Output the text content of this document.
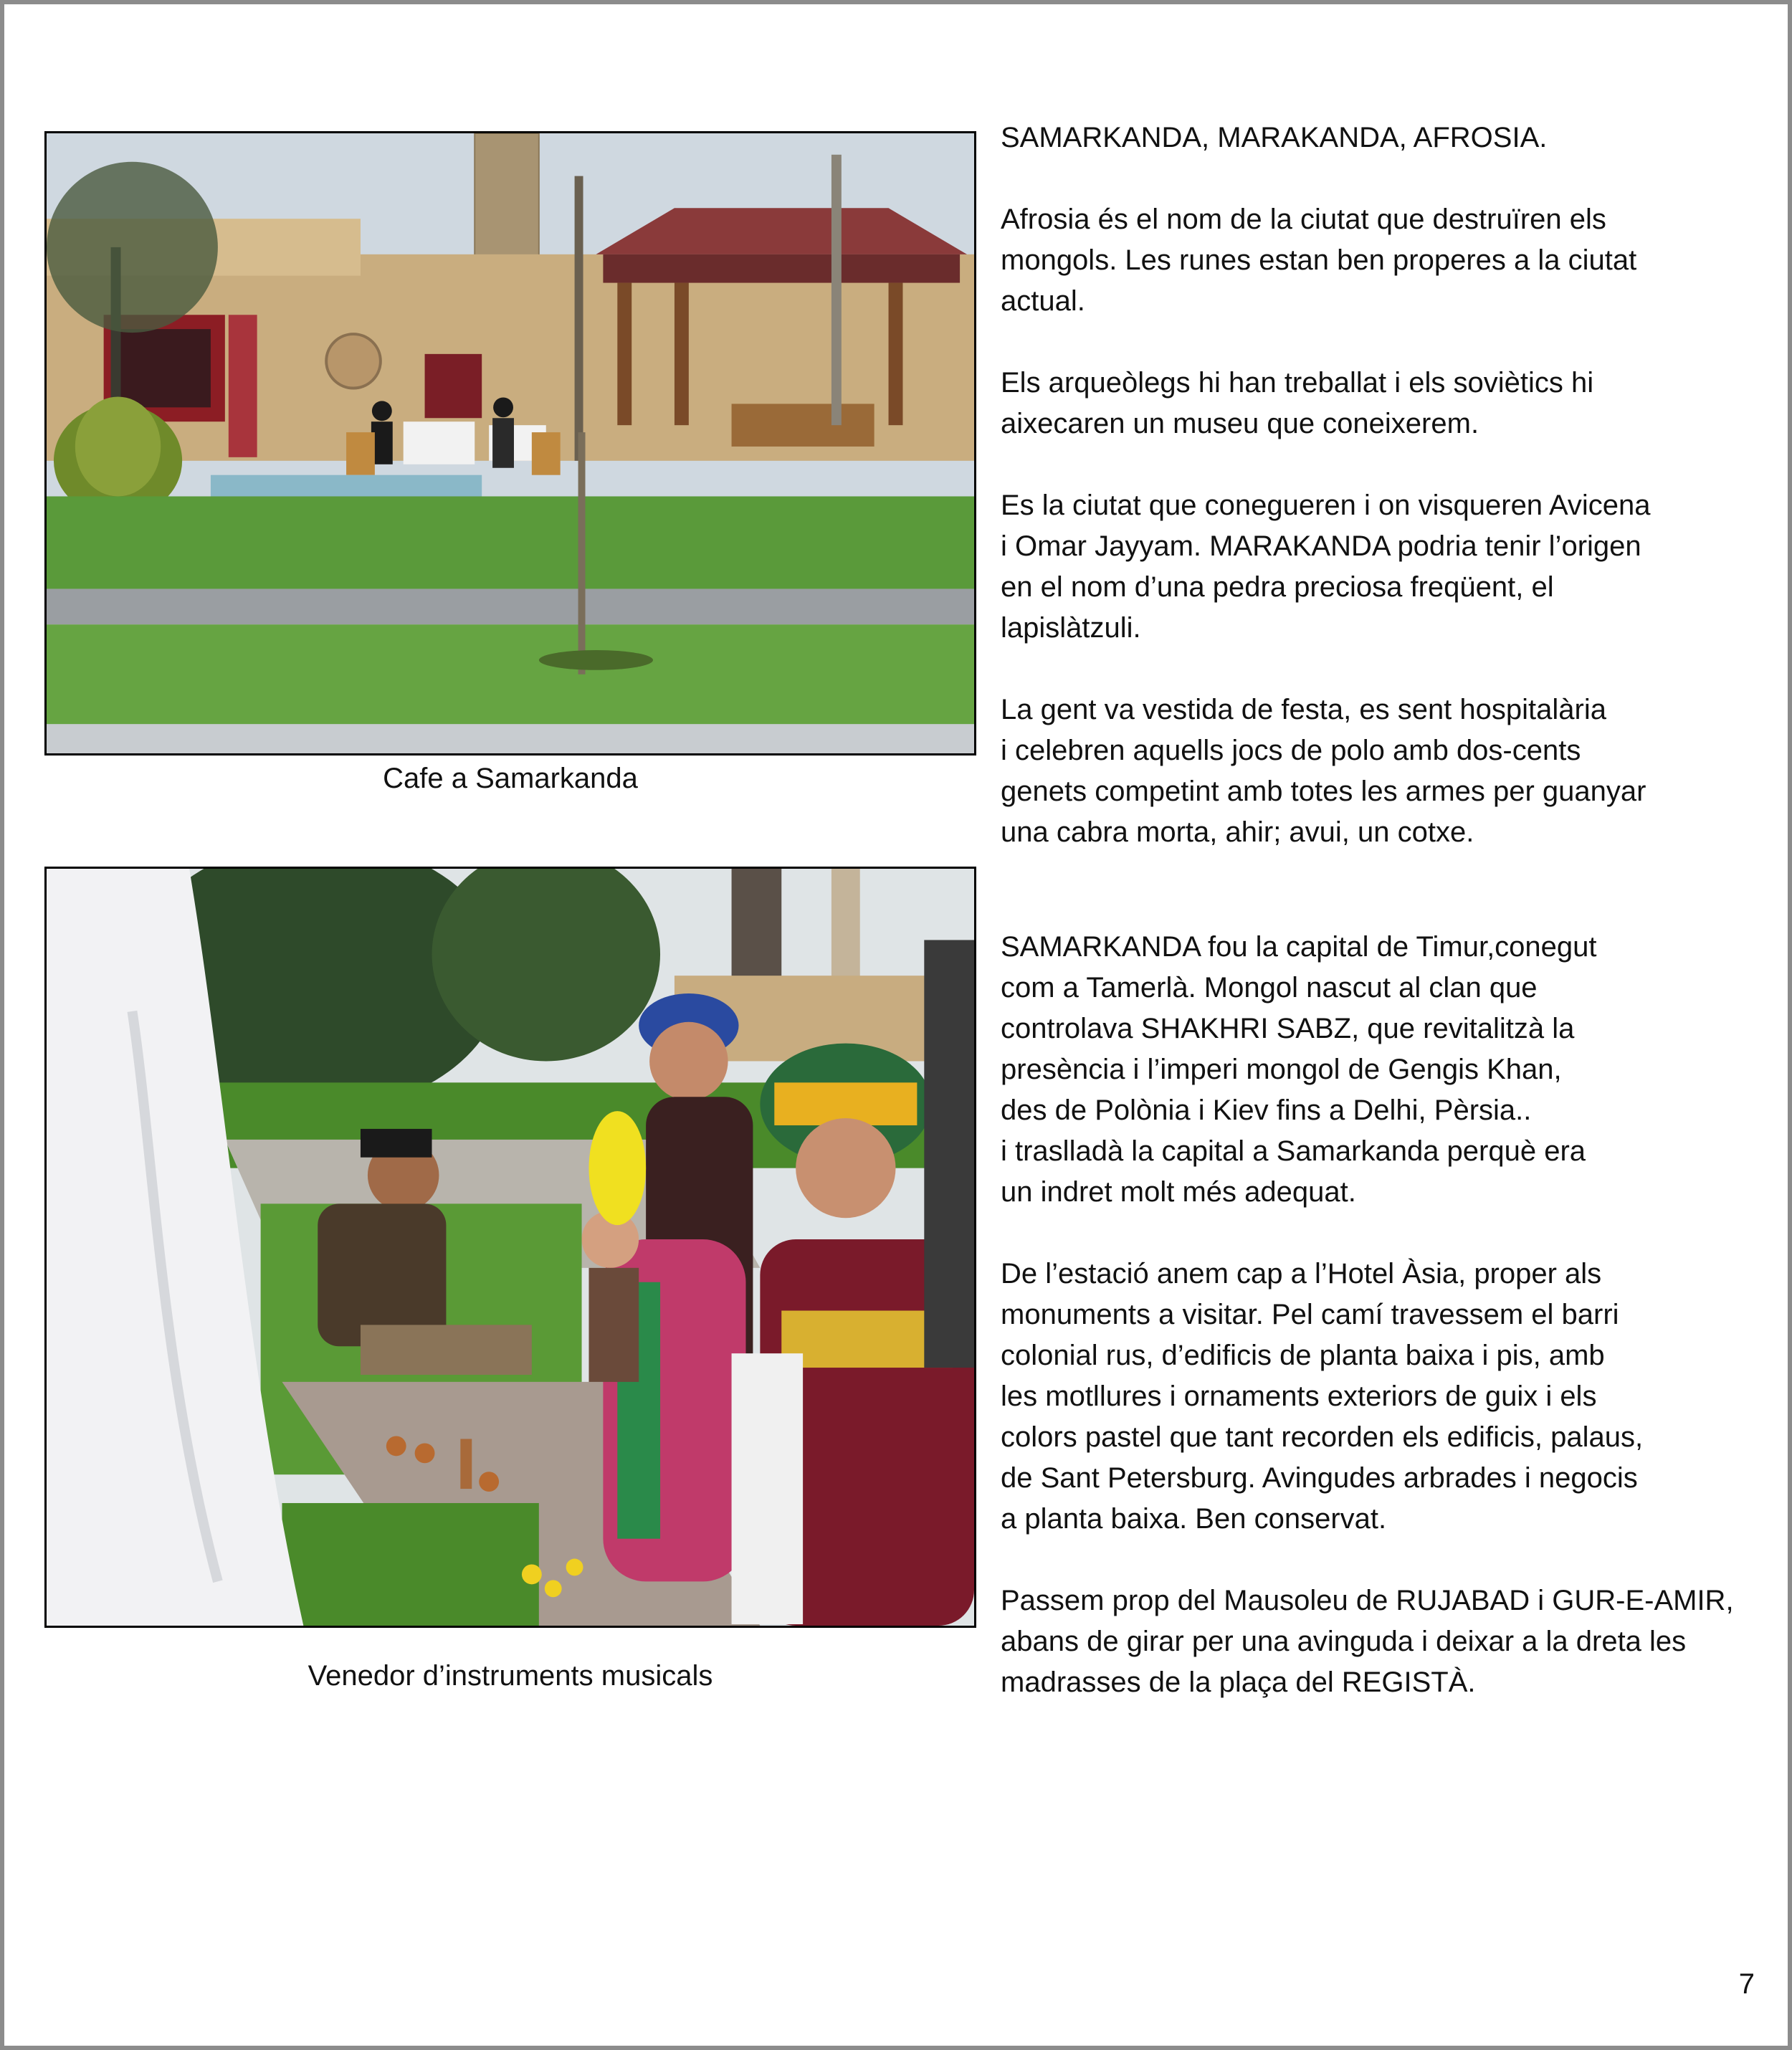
Cafe a Samarkanda
Venedor d’instruments musicals

SAMARKANDA, MARAKANDA, AFROSIA.

Afrosia és el nom de la ciutat que destruïren els
mongols. Les runes estan ben properes a la ciutat
actual.

Els arqueòlegs hi han treballat i els soviètics hi
aixecaren un museu que coneixerem.

Es la ciutat que conegueren i on visqueren Avicena
i Omar Jayyam. MARAKANDA podria tenir l’origen
en el nom d’una pedra preciosa freqüent, el
lapislàtzuli.

La gent va vestida de festa, es sent hospitalària
i celebren aquells jocs de polo amb dos-cents
genets competint amb totes les armes per guanyar
una cabra morta, ahir; avui, un cotxe.

SAMARKANDA fou la capital de Timur,conegut
com a Tamerlà. Mongol nascut al clan que
controlava SHAKHRI SABZ, que revitalitzà la
presència i l’imperi mongol de Gengis Khan,
des de Polònia i Kiev fins a Delhi, Pèrsia..
i traslladà la capital a Samarkanda perquè era
un indret molt més adequat.

De l’estació anem cap a l’Hotel Àsia, proper als
monuments a visitar. Pel camí travessem el barri
colonial rus, d’edificis de planta baixa i pis, amb
les motllures i ornaments exteriors de guix i els
colors pastel que tant recorden els edificis, palaus,
de Sant Petersburg. Avingudes arbrades i negocis
a planta baixa. Ben conservat.

Passem prop del Mausoleu de RUJABAD i GUR-E-AMIR,
abans de girar per una avinguda i deixar a la dreta les
madrasses de la plaça del REGISTÀ.

7
